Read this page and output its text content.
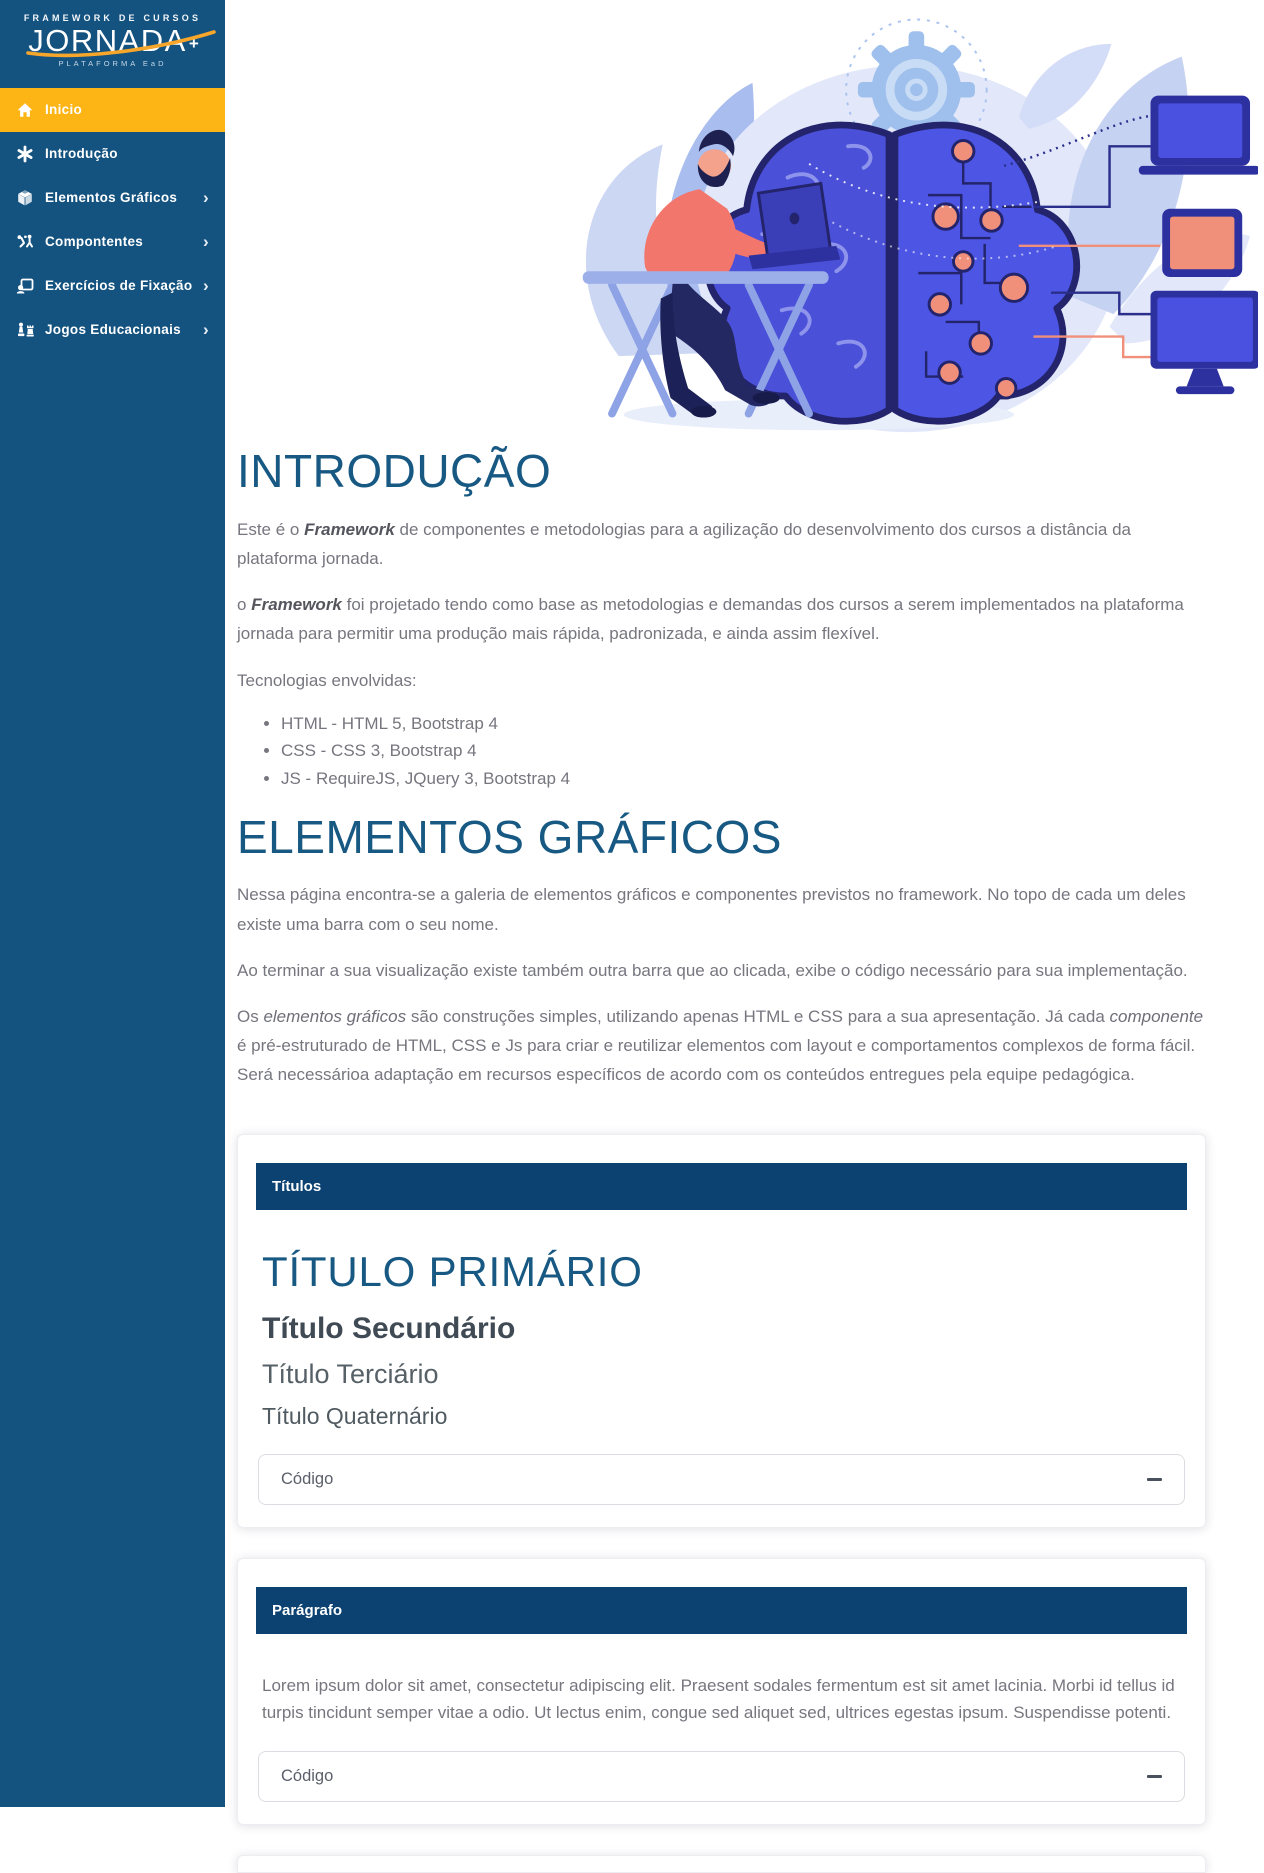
FRAMEWORK DE CURSOS
JORNADA +
PLATAFORMA EaD
Inicio
Introdução
Elementos Gráficos	›
Compontentes	›
Exercícios de Fixação ›
Jogos Educacionais	›
INTRODUÇÃO

Este é o Framework de componentes e metodologias para a agilização do desenvolvimento dos cursos a distância da plataforma jornada.

o Framework foi projetado tendo como base as metodologias e demandas dos cursos a serem implementados na plataforma jornada para permitir uma produção mais rápida, padronizada, e ainda assim flexível.

Tecnologias envolvidas:

• HTML - HTML 5, Bootstrap 4
• CSS - CSS 3, Bootstrap 4
• JS - RequireJS, JQuery 3, Bootstrap 4
ELEMENTOS GRÁFICOS

Nessa página encontra-se a galeria de elementos gráficos e componentes previstos no framework. No topo de cada um deles existe uma barra com o seu nome.

Ao terminar a sua visualização existe também outra barra que ao clicada, exibe o código necessário para sua implementação.

Os elementos gráficos são construções simples, utilizando apenas HTML e CSS para a sua apresentação. Já cada componente é pré-estruturado de HTML, CSS e Js para criar e reutilizar elementos com layout e comportamentos complexos de forma fácil. Será necessárioa adaptação em recursos específicos de acordo com os conteúdos entregues pela equipe pedagógica.

Títulos
TÍTULO PRIMÁRIO
Título Secundário
Título Terciário
Título Quaternário
Código
Parágrafo

Lorem ipsum dolor sit amet, consectetur adipiscing elit. Praesent sodales fermentum est sit amet lacinia. Morbi id tellus id turpis tincidunt semper vitae a odio. Ut lectus enim, congue sed aliquet sed, ultrices egestas ipsum. Suspendisse potenti.

Código
